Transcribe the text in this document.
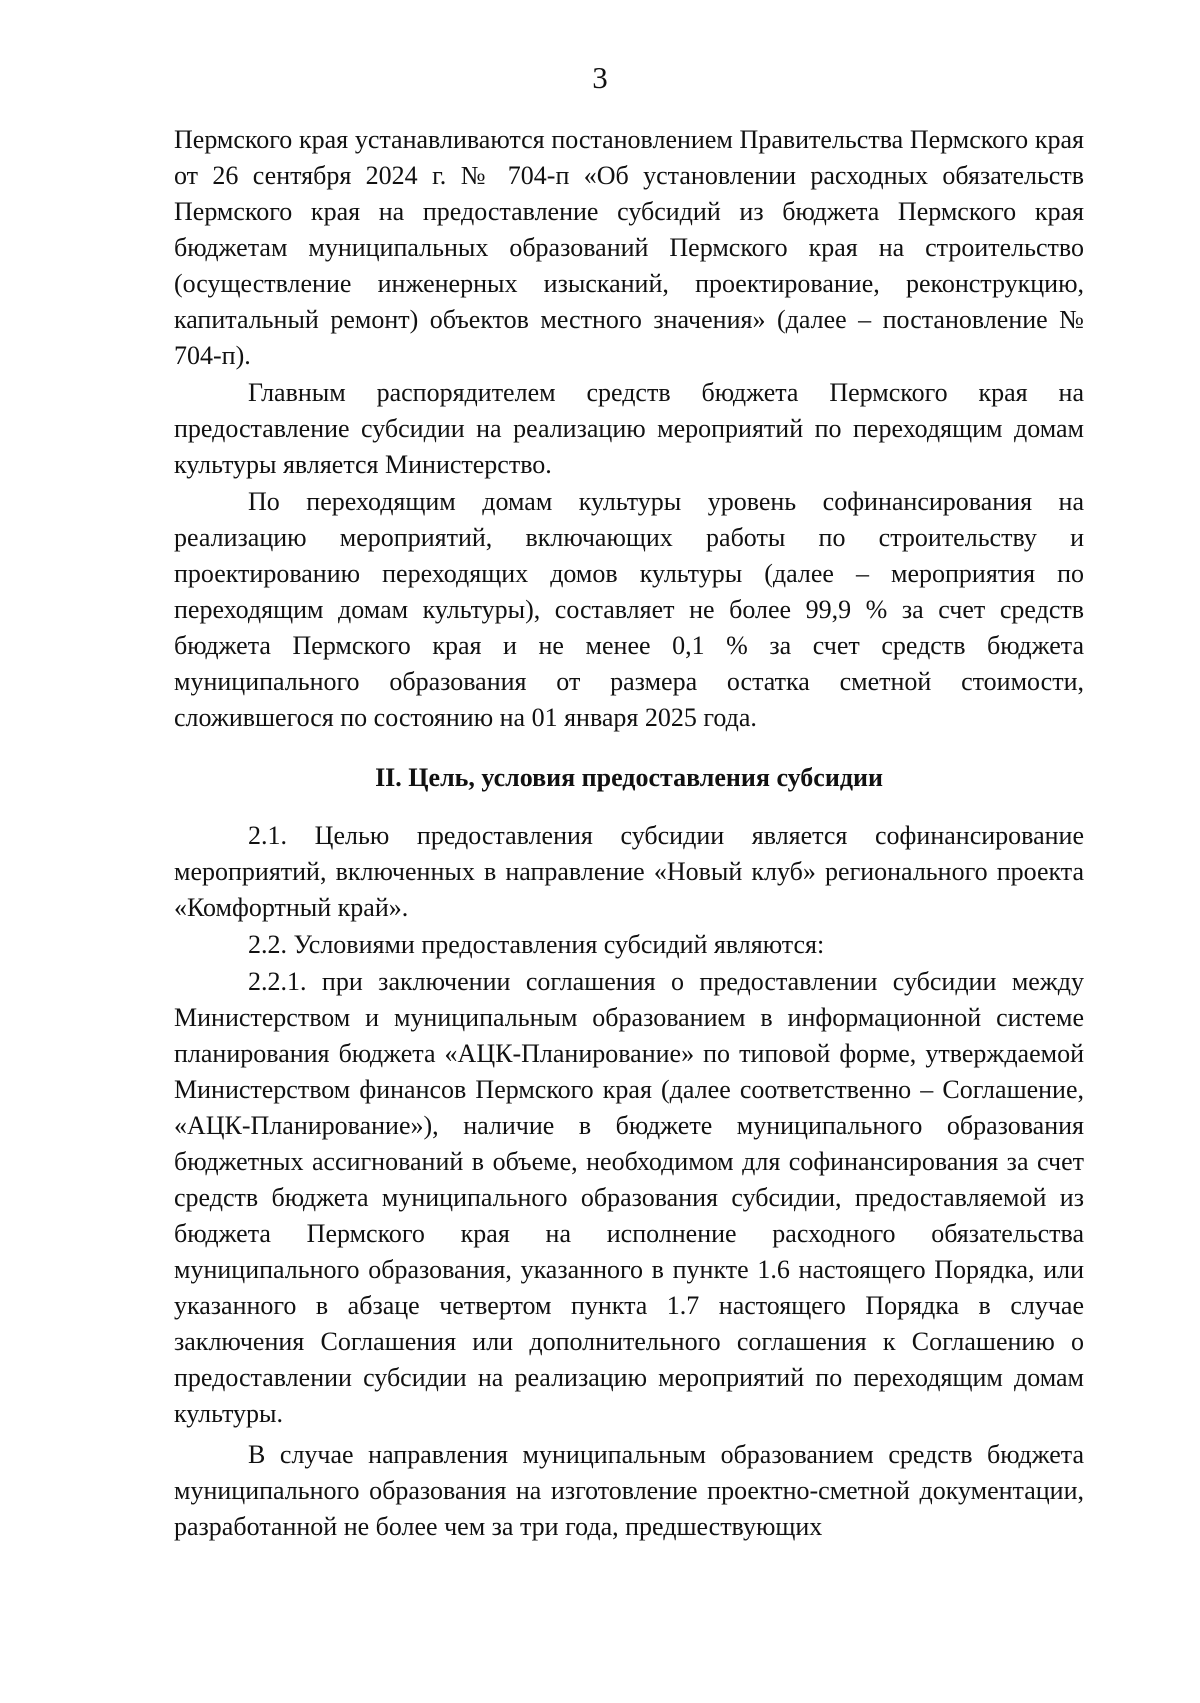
3

Пермского края устанавливаются постановлением Правительства Пермского края от 26 сентября 2024 г. № 704-п «Об установлении расходных обязательств Пермского края на предоставление субсидий из бюджета Пермского края бюджетам муниципальных образований Пермского края на строительство (осуществление инженерных изысканий, проектирование, реконструкцию, капитальный ремонт) объектов местного значения» (далее – постановление № 704-п).

Главным распорядителем средств бюджета Пермского края на предоставление субсидии на реализацию мероприятий по переходящим домам культуры является Министерство.

По переходящим домам культуры уровень софинансирования на реализацию мероприятий, включающих работы по строительству и проектированию переходящих домов культуры (далее – мероприятия по переходящим домам культуры), составляет не более 99,9 % за счет средств бюджета Пермского края и не менее 0,1 % за счет средств бюджета муниципального образования от размера остатка сметной стоимости, сложившегося по состоянию на 01 января 2025 года.

II. Цель, условия предоставления субсидии

2.1. Целью предоставления субсидии является софинансирование мероприятий, включенных в направление «Новый клуб» регионального проекта «Комфортный край».

2.2. Условиями предоставления субсидий являются:

2.2.1. при заключении соглашения о предоставлении субсидии между Министерством и муниципальным образованием в информационной системе планирования бюджета «АЦК-Планирование» по типовой форме, утверждаемой Министерством финансов Пермского края (далее соответственно – Соглашение, «АЦК-Планирование»), наличие в бюджете муниципального образования бюджетных ассигнований в объеме, необходимом для софинансирования за счет средств бюджета муниципального образования субсидии, предоставляемой из бюджета Пермского края на исполнение расходного обязательства муниципального образования, указанного в пункте 1.6 настоящего Порядка, или указанного в абзаце четвертом пункта 1.7 настоящего Порядка в случае заключения Соглашения или дополнительного соглашения к Соглашению о предоставлении субсидии на реализацию мероприятий по переходящим домам культуры.

В случае направления муниципальным образованием средств бюджета муниципального образования на изготовление проектно-сметной документации, разработанной не более чем за три года, предшествующих
